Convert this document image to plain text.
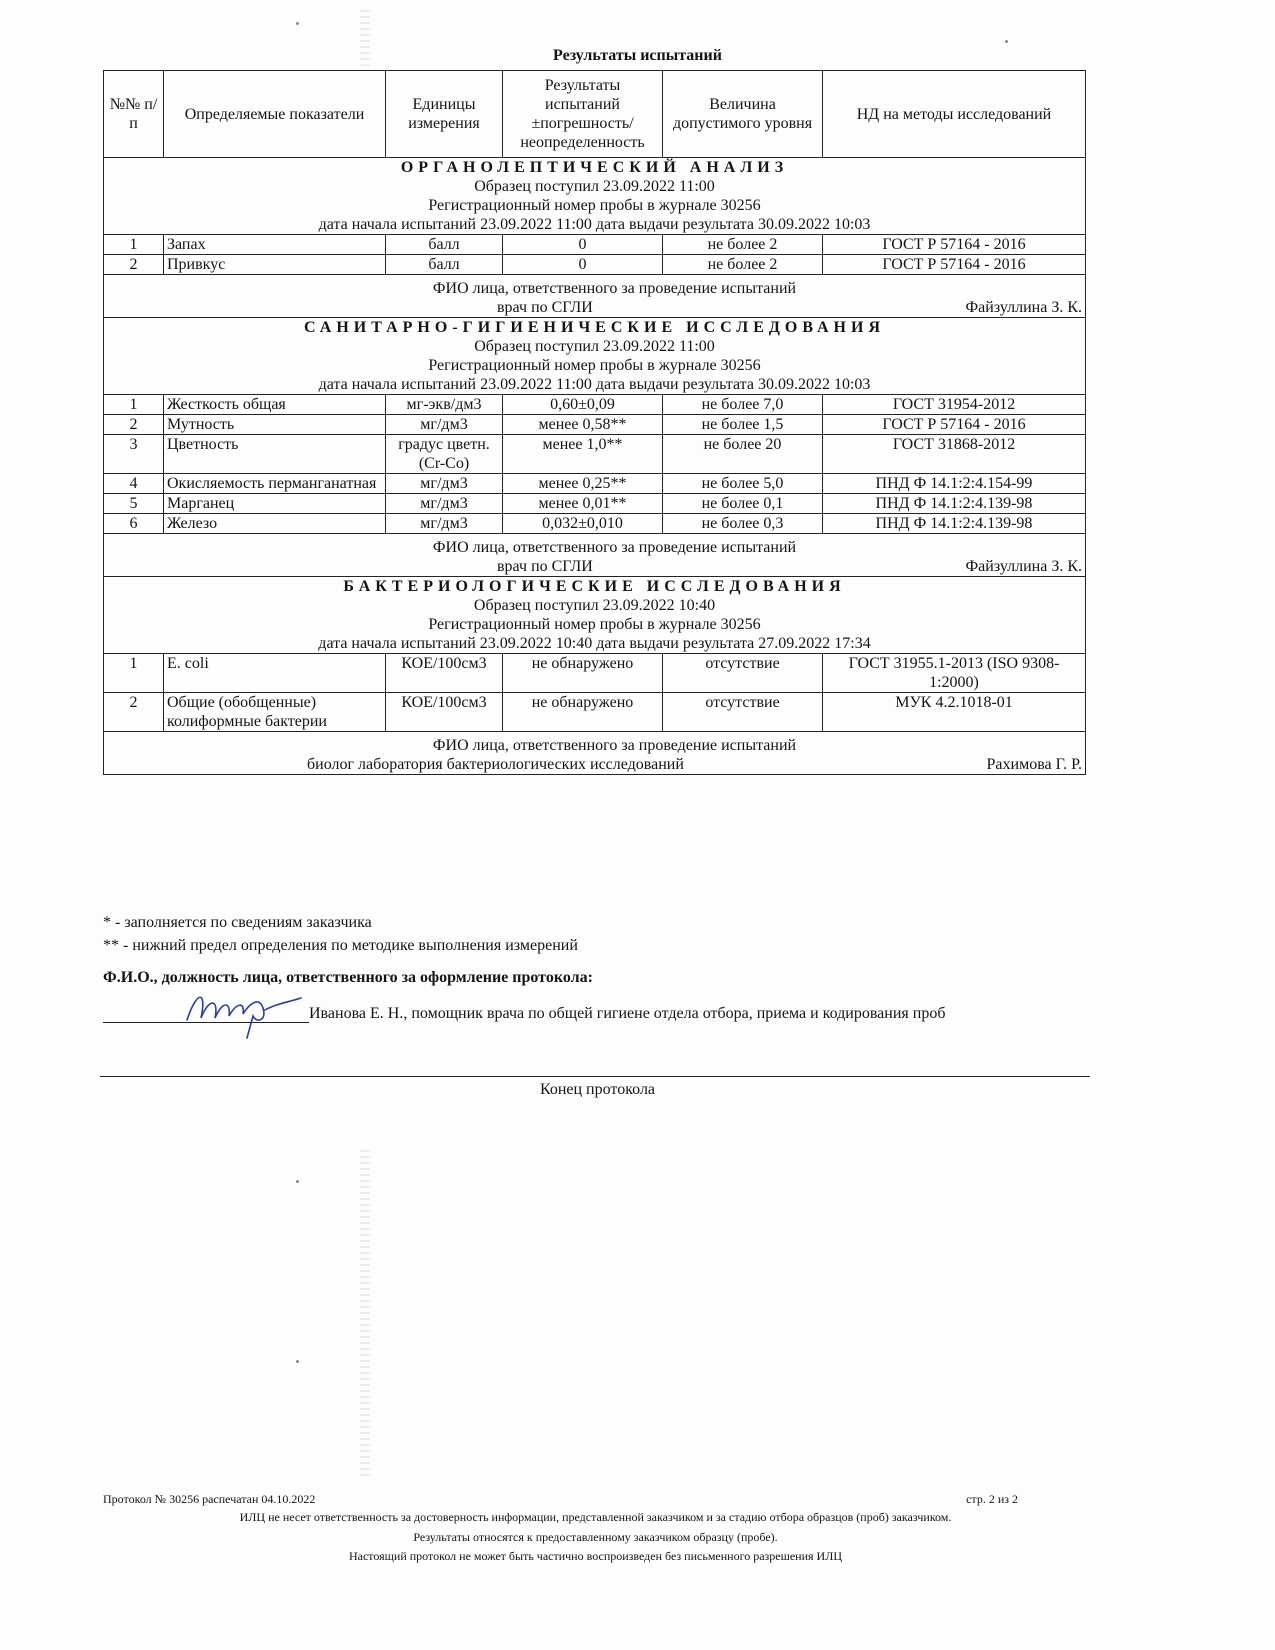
Результаты испытаний
№№ п/п	Определяемые показатели	Единицы измерения	Результаты испытаний ±погрешность/ неопределенность	Величина допустимого уровня	НД на методы исследований

ОРГАНОЛЕПТИЧЕСКИЙ АНАЛИЗ
Образец поступил 23.09.2022 11:00
Регистрационный номер пробы в журнале 30256
дата начала испытаний 23.09.2022 11:00 дата выдачи результата 30.09.2022 10:03					

1	Запах	балл	0	не более 2	ГОСТ Р 57164 - 2016
2	Привкус	балл	0	не более 2	ГОСТ Р 57164 - 2016

ФИО лица, ответственного за проведение испытаний
врач по СГЛИ Файзуллина З. К.					

САНИТАРНО-ГИГИЕНИЧЕСКИЕ ИССЛЕДОВАНИЯ
Образец поступил 23.09.2022 11:00
Регистрационный номер пробы в журнале 30256
дата начала испытаний 23.09.2022 11:00 дата выдачи результата 30.09.2022 10:03					

1	Жесткость общая	мг-экв/дм3	0,60±0,09	не более 7,0	ГОСТ 31954-2012
2	Мутность	мг/дм3	менее 0,58**	не более 1,5	ГОСТ Р 57164 - 2016
3	Цветность	градус цветн.(Cr-Co)	менее 1,0**	не более 20	ГОСТ 31868-2012
4	Окисляемость перманганатная	мг/дм3	менее 0,25**	не более 5,0	ПНД Ф 14.1:2:4.154-99
5	Марганец	мг/дм3	менее 0,01**	не более 0,1	ПНД Ф 14.1:2:4.139-98
6	Железо	мг/дм3	0,032±0,010	не более 0,3	ПНД Ф 14.1:2:4.139-98

ФИО лица, ответственного за проведение испытаний
врач по СГЛИ Файзуллина З. К.					

БАКТЕРИОЛОГИЧЕСКИЕ ИССЛЕДОВАНИЯ
Образец поступил 23.09.2022 10:40
Регистрационный номер пробы в журнале 30256
дата начала испытаний 23.09.2022 10:40 дата выдачи результата 27.09.2022 17:34					

1	E. coli	КОЕ/100см3	не обнаружено	отсутствие	ГОСТ 31955.1-2013 (ISO 9308-1:2000)
2	Общие (обобщенные) колиформные бактерии	КОЕ/100см3	не обнаружено	отсутствие	МУК 4.2.1018-01

ФИО лица, ответственного за проведение испытаний
биолог лаборатория бактериологических исследований Рахимова Г. Р.					
* - заполняется по сведениям заказчика
** - нижний предел определения по методике выполнения измерений
Ф.И.О., должность лица, ответственного за оформление протокола:
Иванова Е. Н., помощник врача по общей гигиене отдела отбора, приема и кодирования проб
Конец протокола
Протокол № 30256 распечатан 04.10.2022	стр. 2 из 2
ИЛЦ не несет ответственность за достоверность информации, представленной заказчиком и за стадию отбора образцов (проб) заказчиком.
Результаты относятся к предоставленному заказчиком образцу (пробе).
Настоящий протокол не может быть частично воспроизведен без письменного разрешения ИЛЦ
